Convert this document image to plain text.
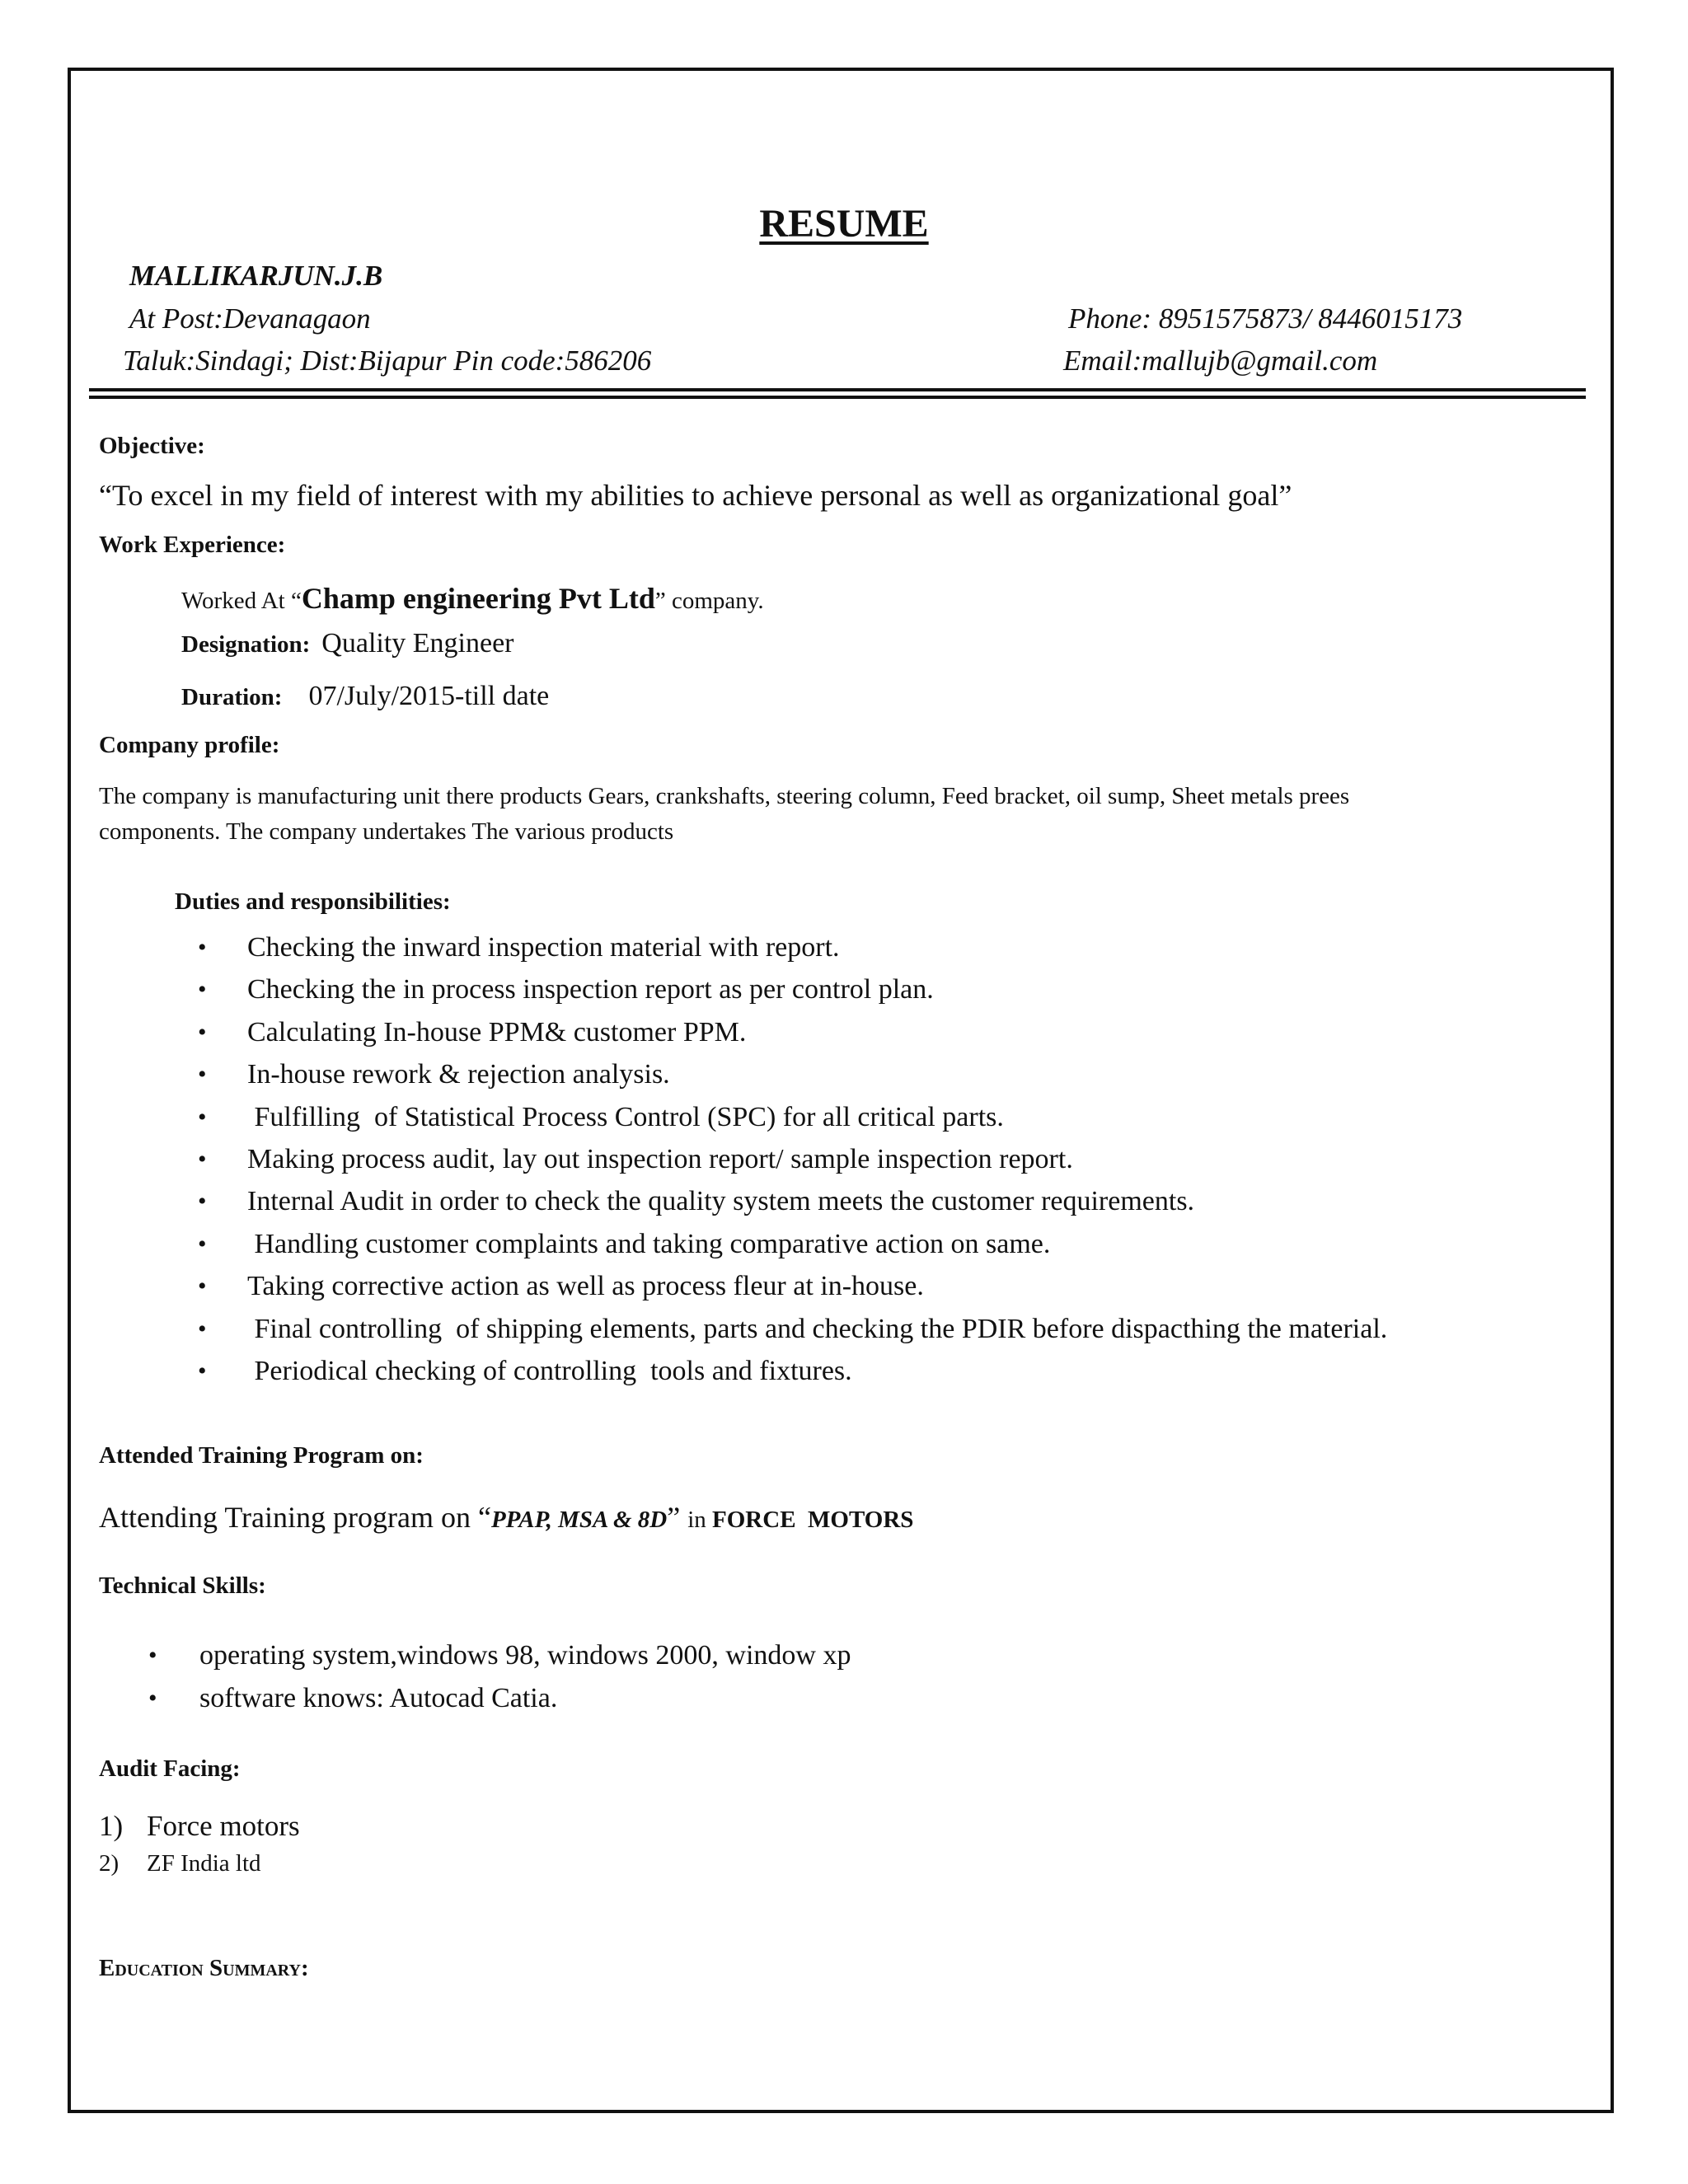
RESUME
MALLIKARJUN.J.B
At Post:Devanagaon
Taluk:Sindagi; Dist:Bijapur Pin code:586206
Phone: 8951575873/ 8446015173
Email:mallujb@gmail.com
Objective:
“To excel in my field of interest with my abilities to achieve personal as well as organizational goal”
Work Experience:
Worked At “Champ engineering Pvt Ltd” company.
Designation: Quality Engineer
Duration: 07/July/2015-till date
Company profile:
The company is manufacturing unit there products Gears, crankshafts, steering column, Feed bracket, oil sump, Sheet metals prees
components. The company undertakes The various products
Duties and responsibilities:
• Checking the inward inspection material with report.
• Checking the in process inspection report as per control plan.
• Calculating In-house PPM& customer PPM.
• In-house rework & rejection analysis.
• Fulfilling  of Statistical Process Control (SPC) for all critical parts.
• Making process audit, lay out inspection report/ sample inspection report.
• Internal Audit in order to check the quality system meets the customer requirements.
• Handling customer complaints and taking comparative action on same.
• Taking corrective action as well as process fleur at in-house.
• Final controlling  of shipping elements, parts and checking the PDIR before dispacthing the material.
• Periodical checking of controlling  tools and fixtures.
Attended Training Program on:
Attending Training program on “PPAP, MSA & 8D” in FORCE  MOTORS
Technical Skills:
• operating system,windows 98, windows 2000, window xp
• software knows: Autocad Catia.
Audit Facing:
1) Force motors
2) ZF India ltd
Education Summary:
